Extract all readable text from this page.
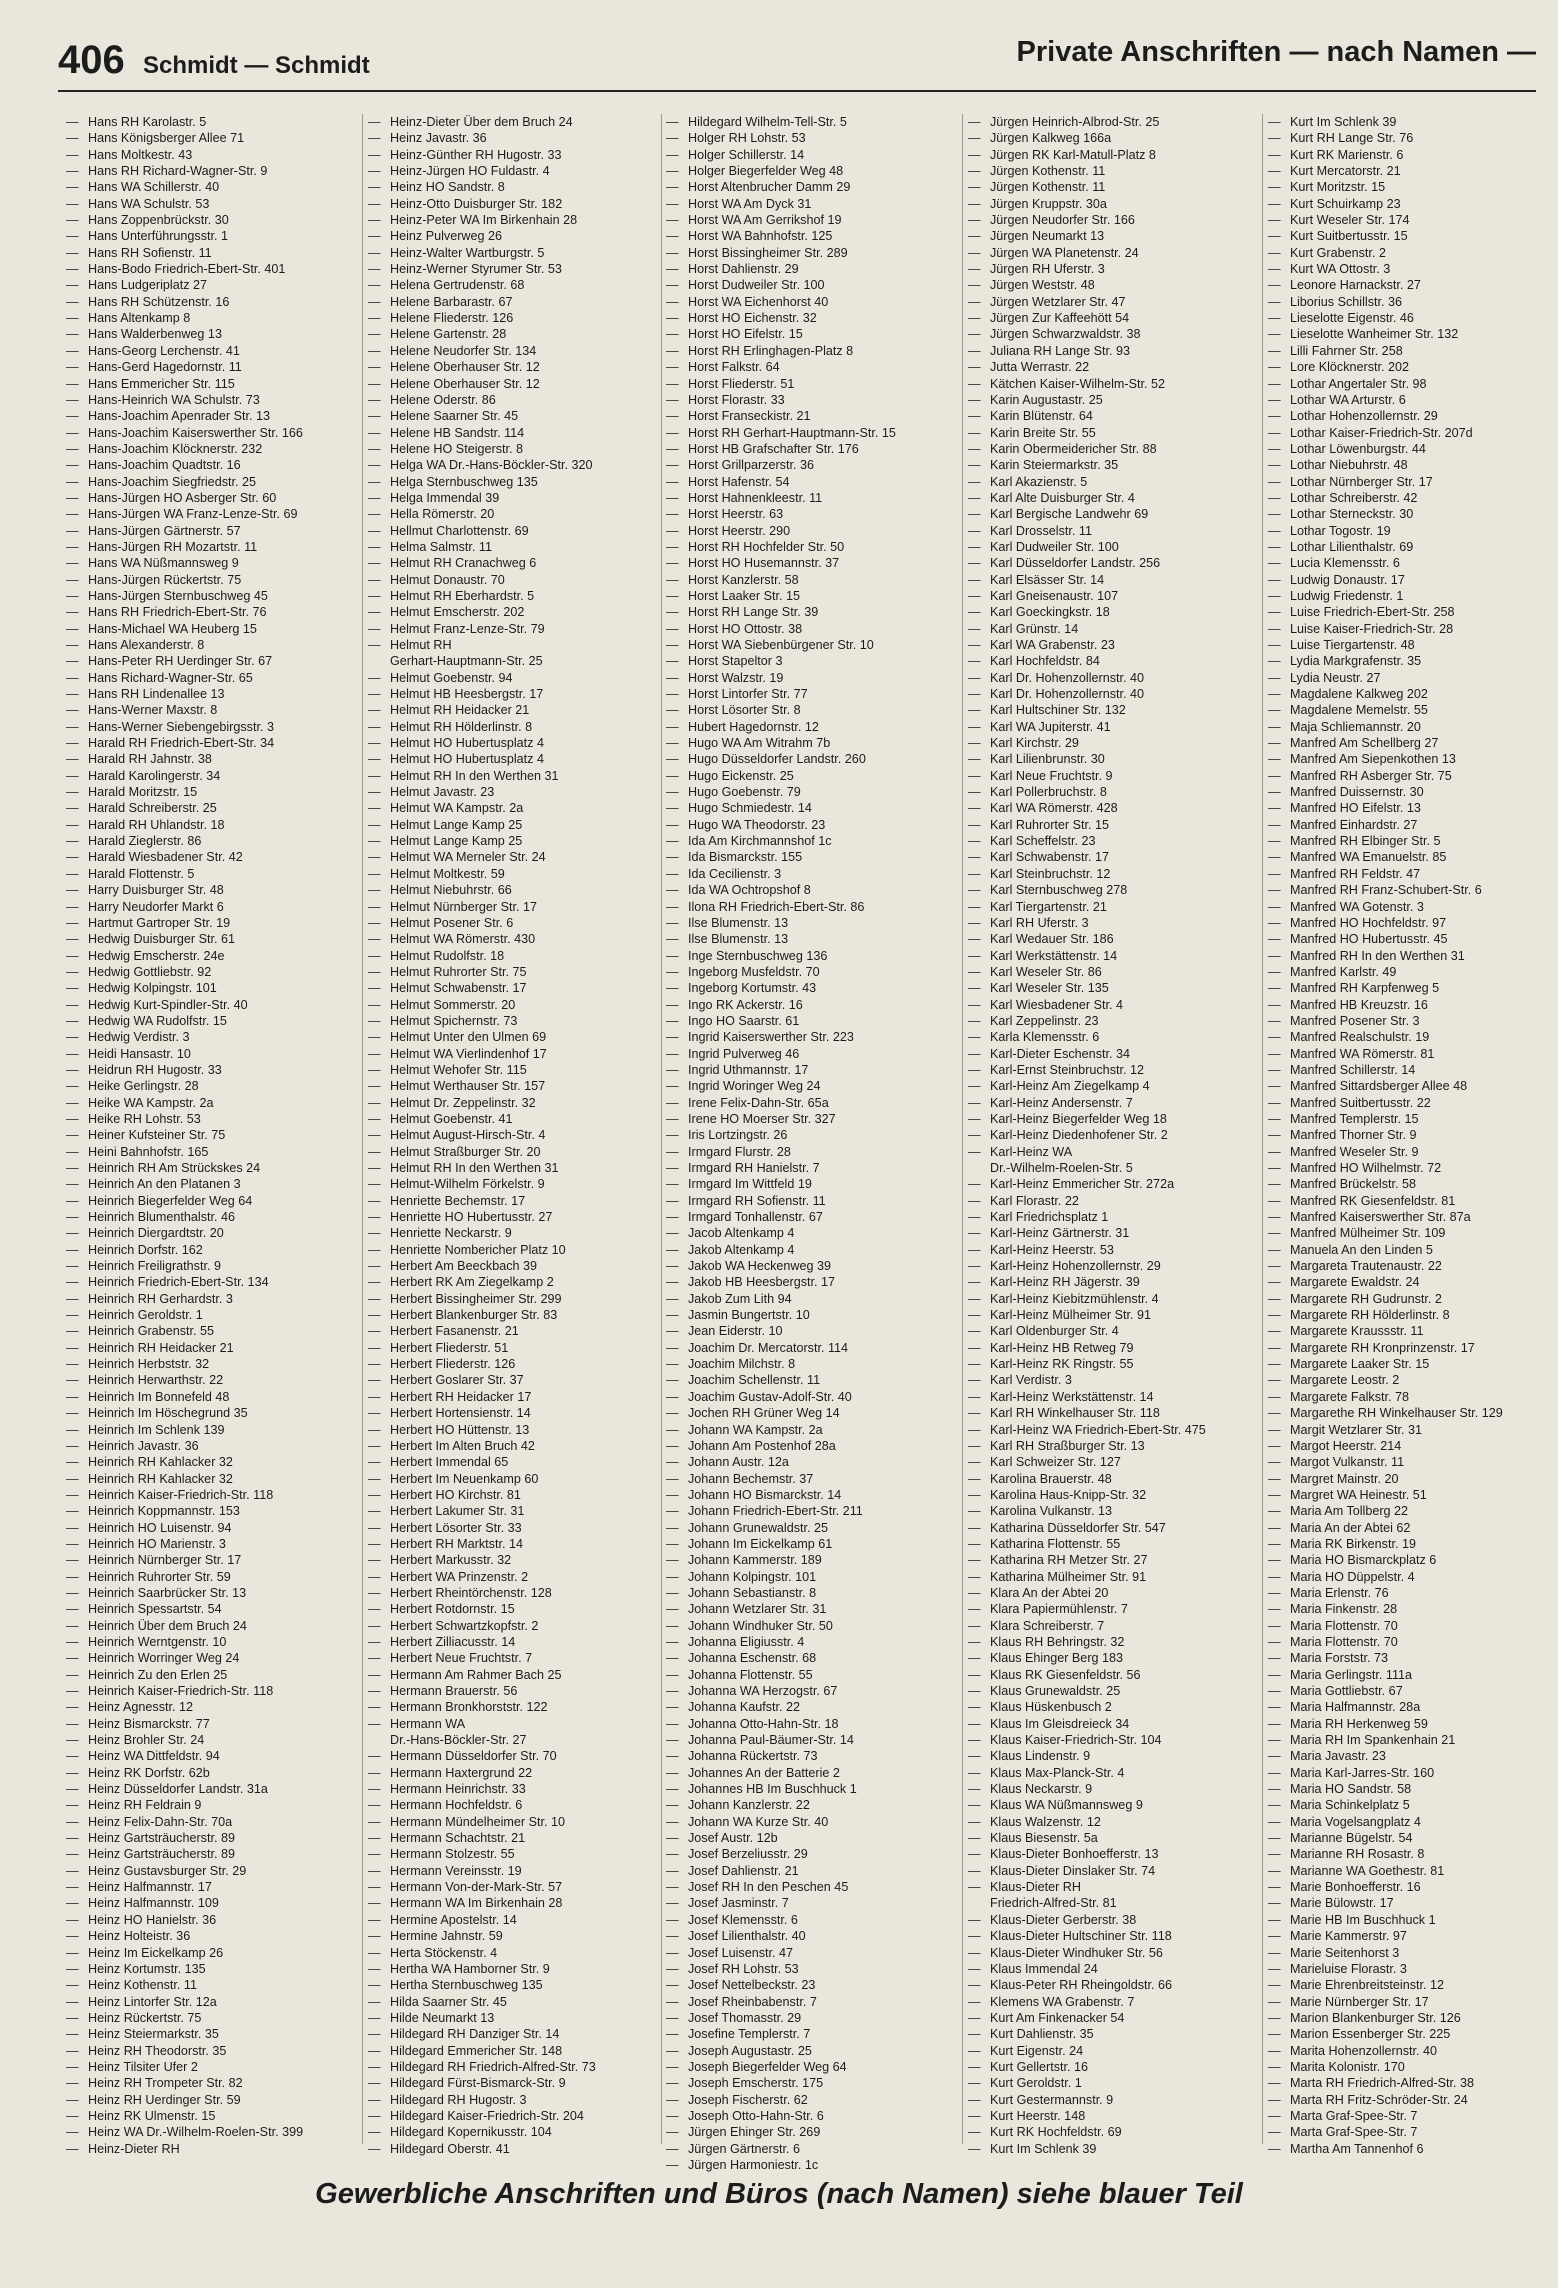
406 Schmidt — Schmidt	Private Anschriften — nach Namen —
— Hans RH Karolastr. 5
— Hans Königsberger Allee 71
— Hans Moltkestr. 43
— Hans RH Richard-Wagner-Str. 9
— Hans WA Schillerstr. 40
— Hans WA Schulstr. 53
— Hans Zoppenbrückstr. 30
— Hans Unterführungsstr. 1
— Hans RH Sofienstr. 11
— Hans-Bodo Friedrich-Ebert-Str. 401
— Hans Ludgeriplatz 27
— Hans RH Schützenstr. 16
— Hans Altenkamp 8
— Hans Walderbenweg 13
— Hans-Georg Lerchenstr. 41
— Hans-Gerd Hagedornstr. 11
— Hans Emmericher Str. 115
— Hans-Heinrich WA Schulstr. 73
— Hans-Joachim Apenrader Str. 13
— Hans-Joachim Kaiserswerther Str. 166
— Hans-Joachim Klöcknerstr. 232
— Hans-Joachim Quadtstr. 16
— Hans-Joachim Siegfriedstr. 25
— Hans-Jürgen HO Asberger Str. 60
— Hans-Jürgen WA Franz-Lenze-Str. 69
— Hans-Jürgen Gärtnerstr. 57
— Hans-Jürgen RH Mozartstr. 11
— Hans WA Nüßmannsweg 9
— Hans-Jürgen Rückertstr. 75
— Hans-Jürgen Sternbuschweg 45
— Hans RH Friedrich-Ebert-Str. 76
— Hans-Michael WA Heuberg 15
— Hans Alexanderstr. 8
— Hans-Peter RH Uerdinger Str. 67
— Hans Richard-Wagner-Str. 65
— Hans RH Lindenallee 13
— Hans-Werner Maxstr. 8
— Hans-Werner Siebengebirgsstr. 3
— Harald RH Friedrich-Ebert-Str. 34
— Harald RH Jahnstr. 38
— Harald Karolingerstr. 34
— Harald Moritzstr. 15
— Harald Schreiberstr. 25
— Harald RH Uhlandstr. 18
— Harald Zieglerstr. 86
— Harald Wiesbadener Str. 42
— Harald Flottenstr. 5
— Harry Duisburger Str. 48
— Harry Neudorfer Markt 6
— Hartmut Gartroper Str. 19
— Hedwig Duisburger Str. 61
— Hedwig Emscherstr. 24e
— Hedwig Gottliebstr. 92
— Hedwig Kolpingstr. 101
— Hedwig Kurt-Spindler-Str. 40
— Hedwig WA Rudolfstr. 15
— Hedwig Verdistr. 3
— Heidi Hansastr. 10
— Heidrun RH Hugostr. 33
— Heike Gerlingstr. 28
— Heike WA Kampstr. 2a
— Heike RH Lohstr. 53
— Heiner Kufsteiner Str. 75
— Heini Bahnhofstr. 165
— Heinrich RH Am Strückskes 24
— Heinrich An den Platanen 3
— Heinrich Biegerfelder Weg 64
— Heinrich Blumenthalstr. 46
— Heinrich Diergardtstr. 20
— Heinrich Dorfstr. 162
— Heinrich Freiligrathstr. 9
— Heinrich Friedrich-Ebert-Str. 134
— Heinrich RH Gerhardstr. 3
— Heinrich Geroldstr. 1
— Heinrich Grabenstr. 55
— Heinrich RH Heidacker 21
— Heinrich Herbststr. 32
— Heinrich Herwarthstr. 22
— Heinrich Im Bonnefeld 48
— Heinrich Im Höschegrund 35
— Heinrich Im Schlenk 139
— Heinrich Javastr. 36
— Heinrich RH Kahlacker 32
— Heinrich RH Kahlacker 32
— Heinrich Kaiser-Friedrich-Str. 118
— Heinrich Koppmannstr. 153
— Heinrich HO Luisenstr. 94
— Heinrich HO Marienstr. 3
— Heinrich Nürnberger Str. 17
— Heinrich Ruhrorter Str. 59
— Heinrich Saarbrücker Str. 13
— Heinrich Spessartstr. 54
— Heinrich Über dem Bruch 24
— Heinrich Werntgenstr. 10
— Heinrich Worringer Weg 24
— Heinrich Zu den Erlen 25
— Heinrich Kaiser-Friedrich-Str. 118
— Heinz Agnesstr. 12
— Heinz Bismarckstr. 77
— Heinz Brohler Str. 24
— Heinz WA Dittfeldstr. 94
— Heinz RK Dorfstr. 62b
— Heinz Düsseldorfer Landstr. 31a
— Heinz RH Feldrain 9
— Heinz Felix-Dahn-Str. 70a
— Heinz Gartsträucherstr. 89
— Heinz Gartsträucherstr. 89
— Heinz Gustavsburger Str. 29
— Heinz Halfmannstr. 17
— Heinz Halfmannstr. 109
— Heinz HO Hanielstr. 36
— Heinz Holteistr. 36
— Heinz Im Eickelkamp 26
— Heinz Kortumstr. 135
— Heinz Kothenstr. 11
— Heinz Lintorfer Str. 12a
— Heinz Rückertstr. 75
— Heinz Steiermarkstr. 35
— Heinz RH Theodorstr. 35
— Heinz Tilsiter Ufer 2
— Heinz RH Trompeter Str. 82
— Heinz RH Uerdinger Str. 59
— Heinz RK Ulmenstr. 15
— Heinz WA Dr.-Wilhelm-Roelen-Str. 399
— Heinz-Dieter RH
— Heinz-Dieter Über dem Bruch 24
— Heinz Javastr. 36
— Heinz-Günther RH Hugostr. 33
— Heinz-Jürgen HO Fuldastr. 4
— Heinz HO Sandstr. 8
— Heinz-Otto Duisburger Str. 182
— Heinz-Peter WA Im Birkenhain 28
— Heinz Pulverweg 26
— Heinz-Walter Wartburgstr. 5
— Heinz-Werner Styrumer Str. 53
— Helena Gertrudenstr. 68
— Helene Barbarastr. 67
— Helene Fliederstr. 126
— Helene Gartenstr. 28
— Helene Neudorfer Str. 134
— Helene Oberhauser Str. 12
— Helene Oberhauser Str. 12
— Helene Oderstr. 86
— Helene Saarner Str. 45
— Helene HB Sandstr. 114
— Helene HO Steigerstr. 8
— Helga WA Dr.-Hans-Böckler-Str. 320
— Helga Sternbuschweg 135
— Helga Immendal 39
— Hella Römerstr. 20
— Hellmut Charlottenstr. 69
— Helma Salmstr. 11
— Helmut RH Cranachweg 6
— Helmut Donaustr. 70
— Helmut RH Eberhardstr. 5
— Helmut Emscherstr. 202
— Helmut Franz-Lenze-Str. 79
— Helmut RH
Gerhart-Hauptmann-Str. 25
— Helmut Goebenstr. 94
— Helmut HB Heesbergstr. 17
— Helmut RH Heidacker 21
— Helmut RH Hölderlinstr. 8
— Helmut HO Hubertusplatz 4
— Helmut HO Hubertusplatz 4
— Helmut RH In den Werthen 31
— Helmut Javastr. 23
— Helmut WA Kampstr. 2a
— Helmut Lange Kamp 25
— Helmut Lange Kamp 25
— Helmut WA Merneler Str. 24
— Helmut Moltkestr. 59
— Helmut Niebuhrstr. 66
— Helmut Nürnberger Str. 17
— Helmut Posener Str. 6
— Helmut WA Römerstr. 430
— Helmut Rudolfstr. 18
— Helmut Ruhrorter Str. 75
— Helmut Schwabenstr. 17
— Helmut Sommerstr. 20
— Helmut Spichernstr. 73
— Helmut Unter den Ulmen 69
— Helmut WA Vierlindenhof 17
— Helmut Wehofer Str. 115
— Helmut Werthauser Str. 157
— Helmut Dr. Zeppelinstr. 32
— Helmut Goebenstr. 41
— Helmut August-Hirsch-Str. 4
— Helmut Straßburger Str. 20
— Helmut RH In den Werthen 31
— Helmut-Wilhelm Förkelstr. 9
— Henriette Bechemstr. 17
— Henriette HO Hubertusstr. 27
— Henriette Neckarstr. 9
— Henriette Nombericher Platz 10
— Herbert Am Beeckbach 39
— Herbert RK Am Ziegelkamp 2
— Herbert Bissingheimer Str. 299
— Herbert Blankenburger Str. 83
— Herbert Fasanenstr. 21
— Herbert Fliederstr. 51
— Herbert Fliederstr. 126
— Herbert Goslarer Str. 37
— Herbert RH Heidacker 17
— Herbert Hortensienstr. 14
— Herbert HO Hüttenstr. 13
— Herbert Im Alten Bruch 42
— Herbert Immendal 65
— Herbert Im Neuenkamp 60
— Herbert HO Kirchstr. 81
— Herbert Lakumer Str. 31
— Herbert Lösorter Str. 33
— Herbert RH Marktstr. 14
— Herbert Markusstr. 32
— Herbert WA Prinzenstr. 2
— Herbert Rheintörchenstr. 128
— Herbert Rotdornstr. 15
— Herbert Schwartzkopfstr. 2
— Herbert Zilliacusstr. 14
— Herbert Neue Fruchtstr. 7
— Hermann Am Rahmer Bach 25
— Hermann Brauerstr. 56
— Hermann Bronkhorststr. 122
— Hermann WA
Dr.-Hans-Böckler-Str. 27
— Hermann Düsseldorfer Str. 70
— Hermann Haxtergrund 22
— Hermann Heinrichstr. 33
— Hermann Hochfeldstr. 6
— Hermann Mündelheimer Str. 10
— Hermann Schachtstr. 21
— Hermann Stolzestr. 55
— Hermann Vereinsstr. 19
— Hermann Von-der-Mark-Str. 57
— Hermann WA Im Birkenhain 28
— Hermine Apostelstr. 14
— Hermine Jahnstr. 59
— Herta Stöckenstr. 4
— Hertha WA Hamborner Str. 9
— Hertha Sternbuschweg 135
— Hilda Saarner Str. 45
— Hilde Neumarkt 13
— Hildegard RH Danziger Str. 14
— Hildegard Emmericher Str. 148
— Hildegard RH Friedrich-Alfred-Str. 73
— Hildegard Fürst-Bismarck-Str. 9
— Hildegard RH Hugostr. 3
— Hildegard Kaiser-Friedrich-Str. 204
— Hildegard Kopernikusstr. 104
— Hildegard Oberstr. 41
— Hildegard Wilhelm-Tell-Str. 5
— Holger RH Lohstr. 53
— Holger Schillerstr. 14
— Holger Biegerfelder Weg 48
— Horst Altenbrucher Damm 29
— Horst WA Am Dyck 31
— Horst WA Am Gerrikshof 19
— Horst WA Bahnhofstr. 125
— Horst Bissingheimer Str. 289
— Horst Dahlienstr. 29
— Horst Dudweiler Str. 100
— Horst WA Eichenhorst 40
— Horst HO Eichenstr. 32
— Horst HO Eifelstr. 15
— Horst RH Erlinghagen-Platz 8
— Horst Falkstr. 64
— Horst Fliederstr. 51
— Horst Florastr. 33
— Horst Franseckistr. 21
— Horst RH Gerhart-Hauptmann-Str. 15
— Horst HB Grafschafter Str. 176
— Horst Grillparzerstr. 36
— Horst Hafenstr. 54
— Horst Hahnenkleestr. 11
— Horst Heerstr. 63
— Horst Heerstr. 290
— Horst RH Hochfelder Str. 50
— Horst HO Husemannstr. 37
— Horst Kanzlerstr. 58
— Horst Laaker Str. 15
— Horst RH Lange Str. 39
— Horst HO Ottostr. 38
— Horst WA Siebenbürgener Str. 10
— Horst Stapeltor 3
— Horst Walzstr. 19
— Horst Lintorfer Str. 77
— Horst Lösorter Str. 8
— Hubert Hagedornstr. 12
— Hugo WA Am Witrahm 7b
— Hugo Düsseldorfer Landstr. 260
— Hugo Eickenstr. 25
— Hugo Goebenstr. 79
— Hugo Schmiedestr. 14
— Hugo WA Theodorstr. 23
— Ida Am Kirchmannshof 1c
— Ida Bismarckstr. 155
— Ida Cecilienstr. 3
— Ida WA Ochtropshof 8
— Ilona RH Friedrich-Ebert-Str. 86
— Ilse Blumenstr. 13
— Ilse Blumenstr. 13
— Inge Sternbuschweg 136
— Ingeborg Musfeldstr. 70
— Ingeborg Kortumstr. 43
— Ingo RK Ackerstr. 16
— Ingo HO Saarstr. 61
— Ingrid Kaiserswerther Str. 223
— Ingrid Pulverweg 46
— Ingrid Uthmannstr. 17
— Ingrid Woringer Weg 24
— Irene Felix-Dahn-Str. 65a
— Irene HO Moerser Str. 327
— Iris Lortzingstr. 26
— Irmgard Flurstr. 28
— Irmgard RH Hanielstr. 7
— Irmgard Im Wittfeld 19
— Irmgard RH Sofienstr. 11
— Irmgard Tonhallenstr. 67
— Jacob Altenkamp 4
— Jakob Altenkamp 4
— Jakob WA Heckenweg 39
— Jakob HB Heesbergstr. 17
— Jakob Zum Lith 94
— Jasmin Bungertstr. 10
— Jean Eiderstr. 10
— Joachim Dr. Mercatorstr. 114
— Joachim Milchstr. 8
— Joachim Schellenstr. 11
— Joachim Gustav-Adolf-Str. 40
— Jochen RH Grüner Weg 14
— Johann WA Kampstr. 2a
— Johann Am Postenhof 28a
— Johann Austr. 12a
— Johann Bechemstr. 37
— Johann HO Bismarckstr. 14
— Johann Friedrich-Ebert-Str. 211
— Johann Grunewaldstr. 25
— Johann Im Eickelkamp 61
— Johann Kammerstr. 189
— Johann Kolpingstr. 101
— Johann Sebastianstr. 8
— Johann Wetzlarer Str. 31
— Johann Windhuker Str. 50
— Johanna Eligiusstr. 4
— Johanna Eschenstr. 68
— Johanna Flottenstr. 55
— Johanna WA Herzogstr. 67
— Johanna Kaufstr. 22
— Johanna Otto-Hahn-Str. 18
— Johanna Paul-Bäumer-Str. 14
— Johanna Rückertstr. 73
— Johannes An der Batterie 2
— Johannes HB Im Buschhuck 1
— Johann Kanzlerstr. 22
— Johann WA Kurze Str. 40
— Josef Austr. 12b
— Josef Berzeliusstr. 29
— Josef Dahlienstr. 21
— Josef RH In den Peschen 45
— Josef Jasminstr. 7
— Josef Klemensstr. 6
— Josef Lilienthalstr. 40
— Josef Luisenstr. 47
— Josef RH Lohstr. 53
— Josef Nettelbeckstr. 23
— Josef Rheinbabenstr. 7
— Josef Thomasstr. 29
— Josefine Templerstr. 7
— Joseph Augustastr. 25
— Joseph Biegerfelder Weg 64
— Joseph Emscherstr. 175
— Joseph Fischerstr. 62
— Joseph Otto-Hahn-Str. 6
— Jürgen Ehinger Str. 269
— Jürgen Gärtnerstr. 6
— Jürgen Harmoniestr. 1c
— Jürgen Heinrich-Albrod-Str. 25
— Jürgen Kalkweg 166a
— Jürgen RK Karl-Matull-Platz 8
— Jürgen Kothenstr. 11
— Jürgen Kothenstr. 11
— Jürgen Kruppstr. 30a
— Jürgen Neudorfer Str. 166
— Jürgen Neumarkt 13
— Jürgen WA Planetenstr. 24
— Jürgen RH Uferstr. 3
— Jürgen Weststr. 48
— Jürgen Wetzlarer Str. 47
— Jürgen Zur Kaffeehött 54
— Jürgen Schwarzwaldstr. 38
— Juliana RH Lange Str. 93
— Jutta Werrastr. 22
— Kätchen Kaiser-Wilhelm-Str. 52
— Karin Augustastr. 25
— Karin Blütenstr. 64
— Karin Breite Str. 55
— Karin Obermeidericher Str. 88
— Karin Steiermarkstr. 35
— Karl Akazienstr. 5
— Karl Alte Duisburger Str. 4
— Karl Bergische Landwehr 69
— Karl Drosselstr. 11
— Karl Dudweiler Str. 100
— Karl Düsseldorfer Landstr. 256
— Karl Elsässer Str. 14
— Karl Gneisenaustr. 107
— Karl Goeckingkstr. 18
— Karl Grünstr. 14
— Karl WA Grabenstr. 23
— Karl Hochfeldstr. 84
— Karl Dr. Hohenzollernstr. 40
— Karl Dr. Hohenzollernstr. 40
— Karl Hultschiner Str. 132
— Karl WA Jupiterstr. 41
— Karl Kirchstr. 29
— Karl Lilienbrunstr. 30
— Karl Neue Fruchtstr. 9
— Karl Pollerbruchstr. 8
— Karl WA Römerstr. 428
— Karl Ruhrorter Str. 15
— Karl Scheffelstr. 23
— Karl Schwabenstr. 17
— Karl Steinbruchstr. 12
— Karl Sternbuschweg 278
— Karl Tiergartenstr. 21
— Karl RH Uferstr. 3
— Karl Wedauer Str. 186
— Karl Werkstättenstr. 14
— Karl Weseler Str. 86
— Karl Weseler Str. 135
— Karl Wiesbadener Str. 4
— Karl Zeppelinstr. 23
— Karla Klemensstr. 6
— Karl-Dieter Eschenstr. 34
— Karl-Ernst Steinbruchstr. 12
— Karl-Heinz Am Ziegelkamp 4
— Karl-Heinz Andersenstr. 7
— Karl-Heinz Biegerfelder Weg 18
— Karl-Heinz Diedenhofener Str. 2
— Karl-Heinz WA
Dr.-Wilhelm-Roelen-Str. 5
— Karl-Heinz Emmericher Str. 272a
— Karl Florastr. 22
— Karl Friedrichsplatz 1
— Karl-Heinz Gärtnerstr. 31
— Karl-Heinz Heerstr. 53
— Karl-Heinz Hohenzollernstr. 29
— Karl-Heinz RH Jägerstr. 39
— Karl-Heinz Kiebitzmühlenstr. 4
— Karl-Heinz Mülheimer Str. 91
— Karl Oldenburger Str. 4
— Karl-Heinz HB Retweg 79
— Karl-Heinz RK Ringstr. 55
— Karl Verdistr. 3
— Karl-Heinz Werkstättenstr. 14
— Karl RH Winkelhauser Str. 118
— Karl-Heinz WA Friedrich-Ebert-Str. 475
— Karl RH Straßburger Str. 13
— Karl Schweizer Str. 127
— Karolina Brauerstr. 48
— Karolina Haus-Knipp-Str. 32
— Karolina Vulkanstr. 13
— Katharina Düsseldorfer Str. 547
— Katharina Flottenstr. 55
— Katharina RH Metzer Str. 27
— Katharina Mülheimer Str. 91
— Klara An der Abtei 20
— Klara Papiermühlenstr. 7
— Klara Schreiberstr. 7
— Klaus RH Behringstr. 32
— Klaus Ehinger Berg 183
— Klaus RK Giesenfeldstr. 56
— Klaus Grunewaldstr. 25
— Klaus Hüskenbusch 2
— Klaus Im Gleisdreieck 34
— Klaus Kaiser-Friedrich-Str. 104
— Klaus Lindenstr. 9
— Klaus Max-Planck-Str. 4
— Klaus Neckarstr. 9
— Klaus WA Nüßmannsweg 9
— Klaus Walzenstr. 12
— Klaus Biesenstr. 5a
— Klaus-Dieter Bonhoefferstr. 13
— Klaus-Dieter Dinslaker Str. 74
— Klaus-Dieter RH
Friedrich-Alfred-Str. 81
— Klaus-Dieter Gerberstr. 38
— Klaus-Dieter Hultschiner Str. 118
— Klaus-Dieter Windhuker Str. 56
— Klaus Immendal 24
— Klaus-Peter RH Rheingoldstr. 66
— Klemens WA Grabenstr. 7
— Kurt Am Finkenacker 54
— Kurt Dahlienstr. 35
— Kurt Eigenstr. 24
— Kurt Gellertstr. 16
— Kurt Geroldstr. 1
— Kurt Gestermannstr. 9
— Kurt Heerstr. 148
— Kurt RK Hochfeldstr. 69
— Kurt Im Schlenk 39
— Kurt Im Schlenk 39
— Kurt RH Lange Str. 76
— Kurt RK Marienstr. 6
— Kurt Mercatorstr. 21
— Kurt Moritzstr. 15
— Kurt Schuirkamp 23
— Kurt Weseler Str. 174
— Kurt Suitbertusstr. 15
— Kurt Grabenstr. 2
— Kurt WA Ottostr. 3
— Leonore Harnackstr. 27
— Liborius Schillstr. 36
— Lieselotte Eigenstr. 46
— Lieselotte Wanheimer Str. 132
— Lilli Fahrner Str. 258
— Lore Klöcknerstr. 202
— Lothar Angertaler Str. 98
— Lothar WA Arturstr. 6
— Lothar Hohenzollernstr. 29
— Lothar Kaiser-Friedrich-Str. 207d
— Lothar Löwenburgstr. 44
— Lothar Niebuhrstr. 48
— Lothar Nürnberger Str. 17
— Lothar Schreiberstr. 42
— Lothar Sterneckstr. 30
— Lothar Togostr. 19
— Lothar Lilienthalstr. 69
— Lucia Klemensstr. 6
— Ludwig Donaustr. 17
— Ludwig Friedenstr. 1
— Luise Friedrich-Ebert-Str. 258
— Luise Kaiser-Friedrich-Str. 28
— Luise Tiergartenstr. 48
— Lydia Markgrafenstr. 35
— Lydia Neustr. 27
— Magdalene Kalkweg 202
— Magdalene Memelstr. 55
— Maja Schliemannstr. 20
— Manfred Am Schellberg 27
— Manfred Am Siepenkothen 13
— Manfred RH Asberger Str. 75
— Manfred Duissernstr. 30
— Manfred HO Eifelstr. 13
— Manfred Einhardstr. 27
— Manfred RH Elbinger Str. 5
— Manfred WA Emanuelstr. 85
— Manfred RH Feldstr. 47
— Manfred RH Franz-Schubert-Str. 6
— Manfred WA Gotenstr. 3
— Manfred HO Hochfeldstr. 97
— Manfred HO Hubertusstr. 45
— Manfred RH In den Werthen 31
— Manfred Karlstr. 49
— Manfred RH Karpfenweg 5
— Manfred HB Kreuzstr. 16
— Manfred Posener Str. 3
— Manfred Realschulstr. 19
— Manfred WA Römerstr. 81
— Manfred Schillerstr. 14
— Manfred Sittardsberger Allee 48
— Manfred Suitbertusstr. 22
— Manfred Templerstr. 15
— Manfred Thorner Str. 9
— Manfred Weseler Str. 9
— Manfred HO Wilhelmstr. 72
— Manfred Brückelstr. 58
— Manfred RK Giesenfeldstr. 81
— Manfred Kaiserswerther Str. 87a
— Manfred Mülheimer Str. 109
— Manuela An den Linden 5
— Margareta Trautenaustr. 22
— Margarete Ewaldstr. 24
— Margarete RH Gudrunstr. 2
— Margarete RH Hölderlinstr. 8
— Margarete Kraussstr. 11
— Margarete RH Kronprinzenstr. 17
— Margarete Laaker Str. 15
— Margarete Leostr. 2
— Margarete Falkstr. 78
— Margarethe RH Winkelhauser Str. 129
— Margit Wetzlarer Str. 31
— Margot Heerstr. 214
— Margot Vulkanstr. 11
— Margret Mainstr. 20
— Margret WA Heinestr. 51
— Maria Am Tollberg 22
— Maria An der Abtei 62
— Maria RK Birkenstr. 19
— Maria HO Bismarckplatz 6
— Maria HO Düppelstr. 4
— Maria Erlenstr. 76
— Maria Finkenstr. 28
— Maria Flottenstr. 70
— Maria Flottenstr. 70
— Maria Forststr. 73
— Maria Gerlingstr. 111a
— Maria Gottliebstr. 67
— Maria Halfmannstr. 28a
— Maria RH Herkenweg 59
— Maria RH Im Spankenhain 21
— Maria Javastr. 23
— Maria Karl-Jarres-Str. 160
— Maria HO Sandstr. 58
— Maria Schinkelplatz 5
— Maria Vogelsangplatz 4
— Marianne Bügelstr. 54
— Marianne RH Rosastr. 8
— Marianne WA Goethestr. 81
— Marie Bonhoefferstr. 16
— Marie Bülowstr. 17
— Marie HB Im Buschhuck 1
— Marie Kammerstr. 97
— Marie Seitenhorst 3
— Marieluise Florastr. 3
— Marie Ehrenbreitsteinstr. 12
— Marie Nürnberger Str. 17
— Marion Blankenburger Str. 126
— Marion Essenberger Str. 225
— Marita Hohenzollernstr. 40
— Marita Kolonistr. 170
— Marta RH Friedrich-Alfred-Str. 38
— Marta RH Fritz-Schröder-Str. 24
— Marta Graf-Spee-Str. 7
— Marta Graf-Spee-Str. 7
— Martha Am Tannenhof 6
Gewerbliche Anschriften und Büros (nach Namen) siehe blauer Teil
